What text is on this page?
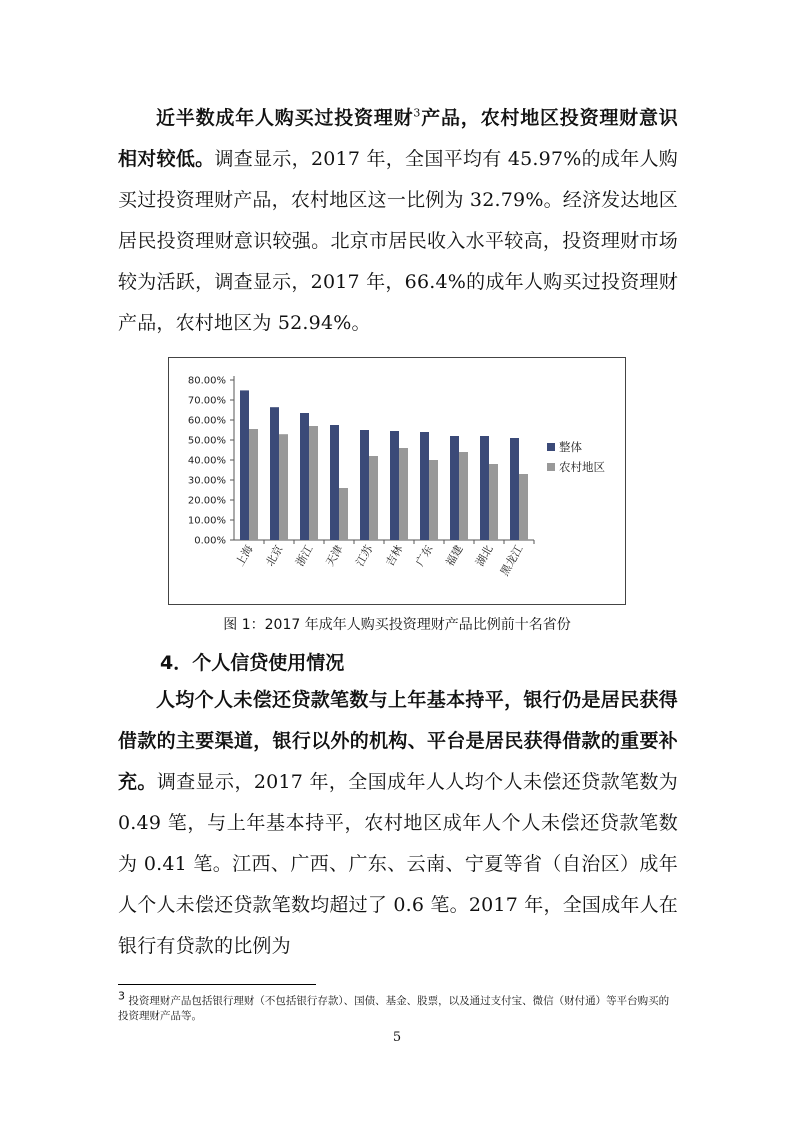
近半数成年人购买过投资理财$^3$产品，农村地区投资理财意识相对较低。调查显示，2017 年，全国平均有 45.97%的成年人购买过投资理财产品，农村地区这一比例为 32.79%。经济发达地区居民投资理财意识较强。北京市居民收入水平较高，投资理财市场较为活跃，调查显示，2017 年，66.4%的成年人购买过投资理财产品，农村地区为 52.94%。
0.00%
10.00%
20.00%
30.00%
40.00%
50.00%
60.00%
70.00%
80.00%
上海 北京 浙江 天津 江苏 吉林 广东 福建 湖北 黑龙江
整体
农村地区
图 1：2017 年成年人购买投资理财产品比例前十名省份
4．个人信贷使用情况
人均个人未偿还贷款笔数与上年基本持平，银行仍是居民获得借款的主要渠道，银行以外的机构、平台是居民获得借款的重要补充。调查显示，2017 年，全国成年人人均个人未偿还贷款笔数为 0.49 笔，与上年基本持平，农村地区成年人个人未偿还贷款笔数为 0.41 笔。江西、广西、广东、云南、宁夏等省（自治区）成年人个人未偿还贷款笔数均超过了 0.6 笔。2017 年，全国成年人在银行有贷款的比例为
$^3$ 投资理财产品包括银行理财（不包括银行存款）、国债、基金、股票，以及通过支付宝、微信（财付通）等平台购买的投资理财产品等。
5
